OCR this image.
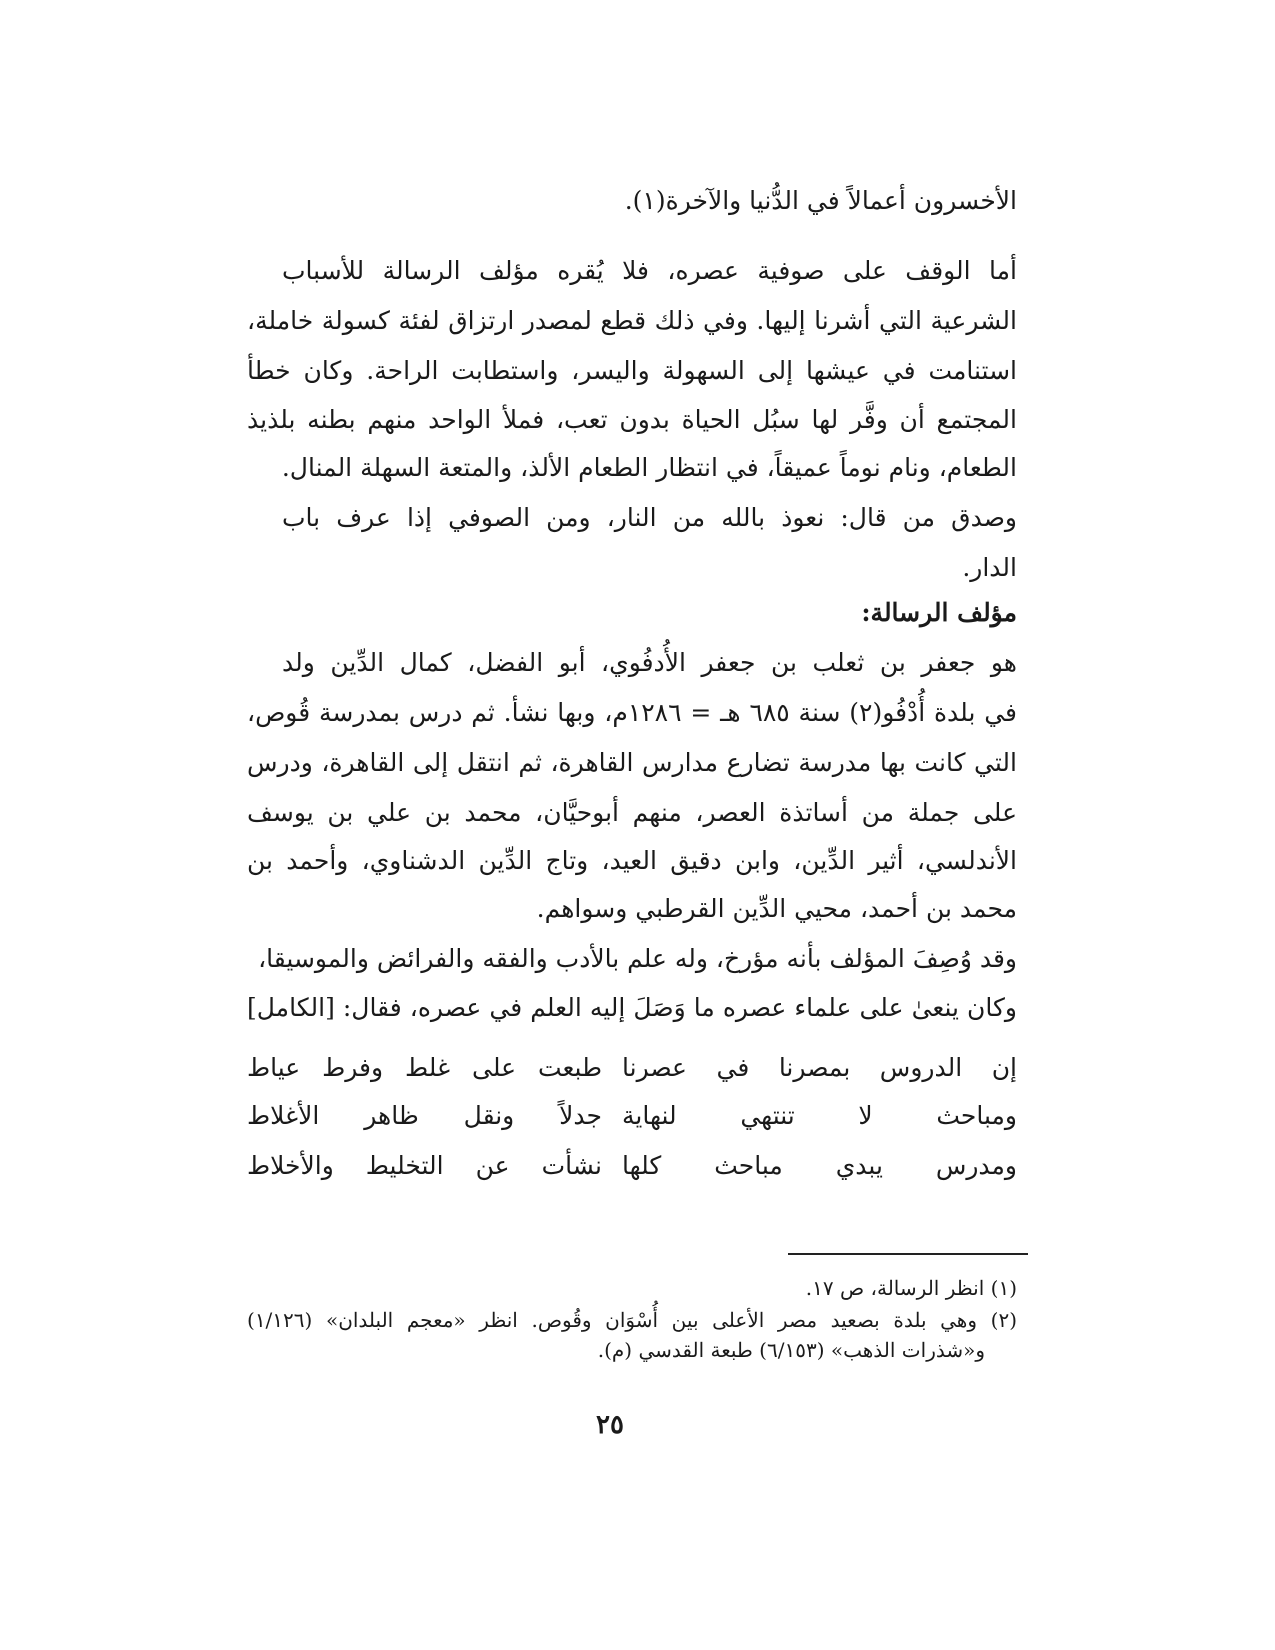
الأخسرون أعمالاً في الدُّنيا والآخرة(١).
أما الوقف على صوفية عصره، فلا يُقره مؤلف الرسالة للأسباب
الشرعية التي أشرنا إليها. وفي ذلك قطع لمصدر ارتزاق لفئة كسولة خاملة،
استنامت في عيشها إلى السهولة واليسر، واستطابت الراحة. وكان خطأ
المجتمع أن وفَّر لها سبُل الحياة بدون تعب، فملأ الواحد منهم بطنه بلذيذ
الطعام، ونام نوماً عميقاً، في انتظار الطعام الألذ، والمتعة السهلة المنال.
وصدق من قال: نعوذ بالله من النار، ومن الصوفي إذا عرف باب
الدار.
مؤلف الرسالة:
هو جعفر بن ثعلب بن جعفر الأُدفُوي، أبو الفضل، كمال الدِّين ولد
في بلدة أُدْفُو(٢) سنة ٦٨٥ هـ = ١٢٨٦م، وبها نشأ. ثم درس بمدرسة قُوص،
التي كانت بها مدرسة تضارع مدارس القاهرة، ثم انتقل إلى القاهرة، ودرس
على جملة من أساتذة العصر، منهم أبوحيَّان، محمد بن علي بن يوسف
الأندلسي، أثير الدِّين، وابن دقيق العيد، وتاج الدِّين الدشناوي، وأحمد بن
محمد بن أحمد، محيي الدِّين القرطبي وسواهم.
وقد وُصِفَ المؤلف بأنه مؤرخ، وله علم بالأدب والفقه والفرائض والموسيقا،
وكان ينعىٰ على علماء عصره ما وَصَلَ إليه العلم في عصره، فقال: [الكامل]
إن الدروس بمصرنا في عصرنا
طبعت على غلط وفرط عياط
ومباحث لا تنتهي لنهاية
جدلاً ونقل ظاهر الأغلاط
ومدرس يبدي مباحث كلها
نشأت عن التخليط والأخلاط
(١) انظر الرسالة، ص ١٧.
(٢) وهي بلدة بصعيد مصر الأعلى بين أُسْوَان وقُوص. انظر «معجم البلدان» (١/١٢٦)
و«شذرات الذهب» (٦/١٥٣) طبعة القدسي (م).
٢٥
